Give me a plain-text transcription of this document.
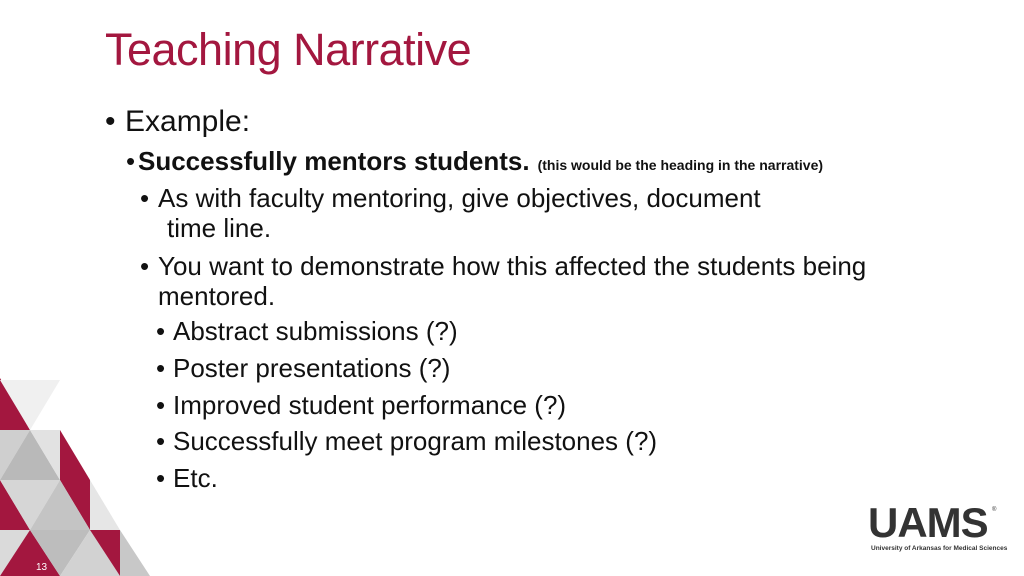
13
Teaching Narrative
• Example:
• Successfully mentors students. (this would be the heading in the narrative)
• As with faculty mentoring, give objectives, document
time line.
• You want to demonstrate how this affected the students being
mentored.
• Abstract submissions (?)
• Poster presentations (?)
• Improved student performance (?)
• Successfully meet program milestones (?)
• Etc.
UAMS ®
University of Arkansas for Medical Sciences
